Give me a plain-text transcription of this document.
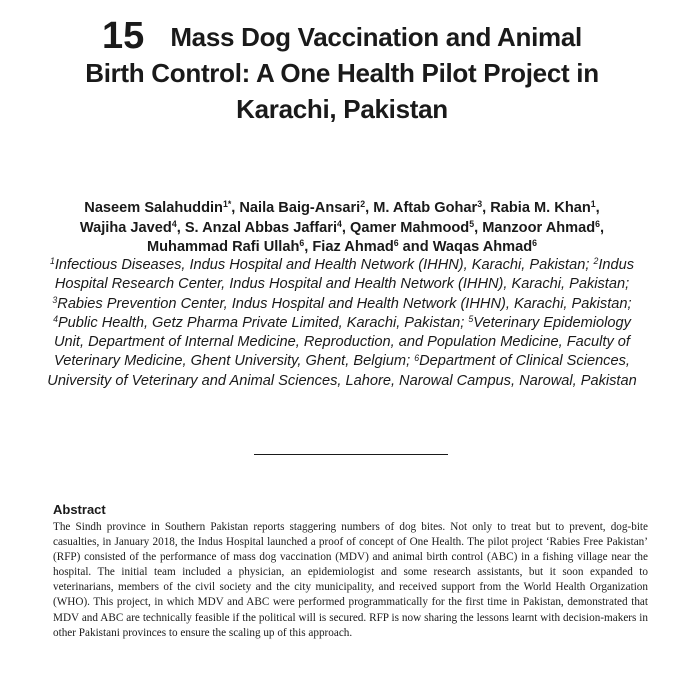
15 Mass Dog Vaccination and Animal
Birth Control: A One Health Pilot Project in
Karachi, Pakistan
Naseem Salahuddin$^{1*}$, Naila Baig-Ansari$^2$, M. Aftab Gohar$^3$, Rabia M. Khan$^1$,
Wajiha Javed$^4$, S. Anzal Abbas Jaffari$^4$, Qamer Mahmood$^5$, Manzoor Ahmad$^6$,
Muhammad Rafi Ullah$^6$, Fiaz Ahmad$^6$ and Waqas Ahmad$^6$
$^1$Infectious Diseases, Indus Hospital and Health Network (IHHN), Karachi, Pakistan; $^2$Indus Hospital Research Center, Indus Hospital and Health Network (IHHN), Karachi, Pakistan; $^3$Rabies Prevention Center, Indus Hospital and Health Network (IHHN), Karachi, Pakistan; $^4$Public Health, Getz Pharma Private Limited, Karachi, Pakistan; $^5$Veterinary Epidemiology Unit, Department of Internal Medicine, Reproduction, and Population Medicine, Faculty of Veterinary Medicine, Ghent University, Ghent, Belgium; $^6$Department of Clinical Sciences, University of Veterinary and Animal Sciences, Lahore, Narowal Campus, Narowal, Pakistan
Abstract
The Sindh province in Southern Pakistan reports staggering numbers of dog bites. Not only to treat but to prevent, dog-bite casualties, in January 2018, the Indus Hospital launched a proof of concept of One Health. The pilot project ‘Rabies Free Pakistan’ (RFP) consisted of the performance of mass dog vaccination (MDV) and animal birth control (ABC) in a fishing village near the hospital. The initial team included a physician, an epidemiologist and some research assistants, but it soon expanded to veterinarians, members of the civil society and the city municipality, and received support from the World Health Organization (WHO). This project, in which MDV and ABC were performed programmatically for the first time in Pakistan, demonstrated that MDV and ABC are technically feasible if the political will is secured. RFP is now sharing the lessons learnt with decision-makers in other Pakistani provinces to ensure the scaling up of this approach.
